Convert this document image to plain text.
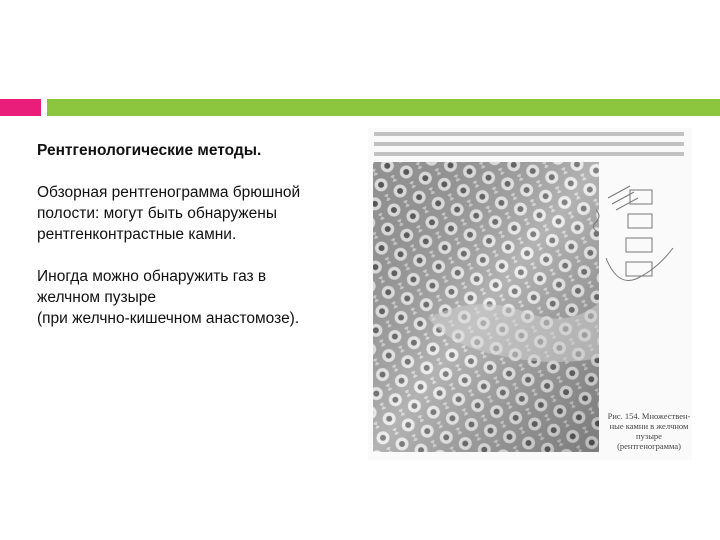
Рентгенологические методы.

Обзорная рентгенограмма брюшной
полости: могут быть обнаружены
рентгенконтрастные камни.

Иногда можно обнаружить газ в
желчном пузыре
(при желчно-кишечном анастомозе).

Рис. 154. Множествен-
ные камни в желчном
пузыре
(рентгенограмма)
